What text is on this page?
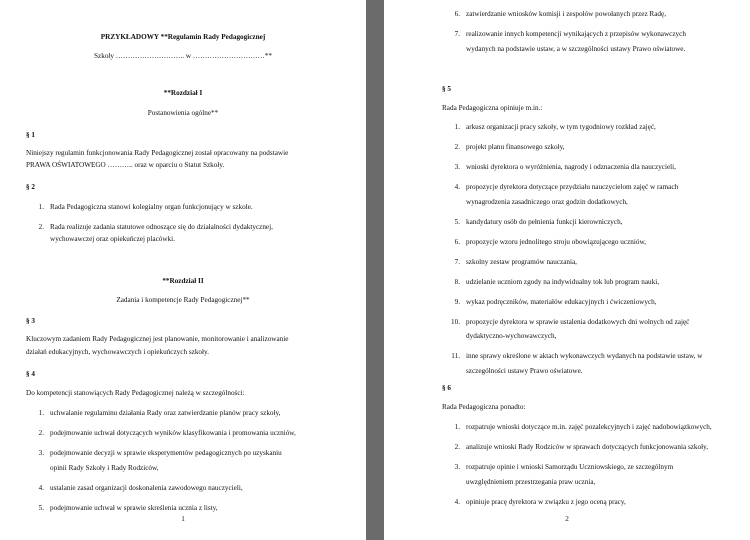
PRZYKŁADOWY **Regulamin Rady Pedagogicznej
Szkoły ……………………….. w …………………………**
**Rozdział I
Postanowienia ogólne**
§ 1
Niniejszy regulamin funkcjonowania Rady Pedagogicznej został opracowany na podstawie
PRAWA OŚWIATOWEGO ……….. oraz w oparciu o Statut Szkoły.
§ 2
1. Rada Pedagogiczna stanowi kolegialny organ funkcjonujący w szkole.
2. Rada realizuje zadania statutowe odnoszące się do działalności dydaktycznej,
wychowawczej oraz opiekuńczej placówki.
**Rozdział II
Zadania i kompetencje Rady Pedagogicznej**
§ 3
Kluczowym zadaniem Rady Pedagogicznej jest planowanie, monitorowanie i analizowanie
działań edukacyjnych, wychowawczych i opiekuńczych szkoły.
§ 4
Do kompetencji stanowiących Rady Pedagogicznej należą w szczególności:
1. uchwalanie regulaminu działania Rady oraz zatwierdzanie planów pracy szkoły,
2. podejmowanie uchwał dotyczących wyników klasyfikowania i promowania uczniów,
3. podejmowanie decyzji w sprawie eksperymentów pedagogicznych po uzyskaniu
opinii Rady Szkoły i Rady Rodziców,
4. ustalanie zasad organizacji doskonalenia zawodowego nauczycieli,
5. podejmowanie uchwał w sprawie skreślenia ucznia z listy,
1
6. zatwierdzanie wniosków komisji i zespołów powołanych przez Radę,
7. realizowanie innych kompetencji wynikających z przepisów wykonawczych
wydanych na podstawie ustaw, a w szczególności ustawy Prawo oświatowe.
§ 5
Rada Pedagogiczna opiniuje m.in.:
1. arkusz organizacji pracy szkoły, w tym tygodniowy rozkład zajęć,
2. projekt planu finansowego szkoły,
3. wnioski dyrektora o wyróżnienia, nagrody i odznaczenia dla nauczycieli,
4. propozycje dyrektora dotyczące przydziału nauczycielom zajęć w ramach
wynagrodzenia zasadniczego oraz godzin dodatkowych,
5. kandydatury osób do pełnienia funkcji kierowniczych,
6. propozycje wzoru jednolitego stroju obowiązującego uczniów,
7. szkolny zestaw programów nauczania,
8. udzielanie uczniom zgody na indywidualny tok lub program nauki,
9. wykaz podręczników, materiałów edukacyjnych i ćwiczeniowych,
10. propozycje dyrektora w sprawie ustalenia dodatkowych dni wolnych od zajęć
dydaktyczno-wychowawczych,
11. inne sprawy określone w aktach wykonawczych wydanych na podstawie ustaw, w
szczególności ustawy Prawo oświatowe.
§ 6
Rada Pedagogiczna ponadto:
1. rozpatruje wnioski dotyczące m.in. zajęć pozalekcyjnych i zajęć nadobowiązkowych,
2. analizuje wnioski Rady Rodziców w sprawach dotyczących funkcjonowania szkoły,
3. rozpatruje opinie i wnioski Samorządu Uczniowskiego, ze szczególnym
uwzględnieniem przestrzegania praw ucznia,
4. opiniuje pracę dyrektora w związku z jego oceną pracy,
2
